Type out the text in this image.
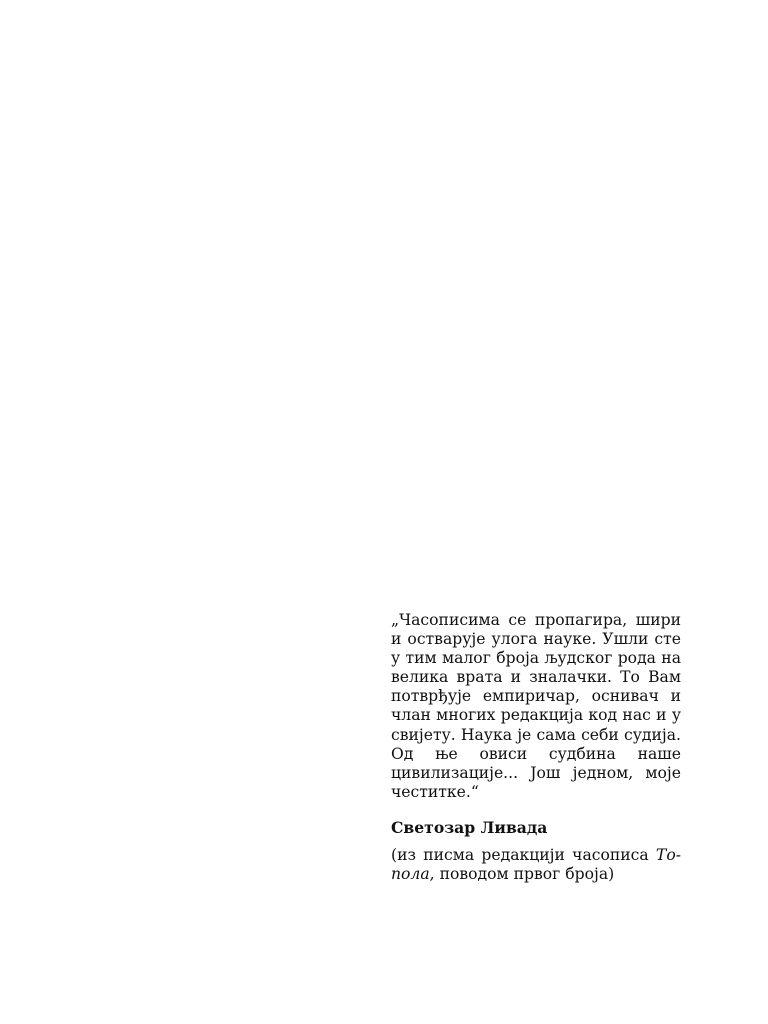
„Часописима се пропагира, шири и остварује улога науке. Ушли сте у тим малог броја људског рода на велика врата и зналачки. То Вам потврђује емпиричар, оснивач и члан многих редакција код нас и у свијету. Наука је сама себи судија. Од ње овиси судбина наше цивилизације... Још једном, моје честитке.“

Светозар Ливада

(из писма редакцији часописа Топола, поводом првог броја)
